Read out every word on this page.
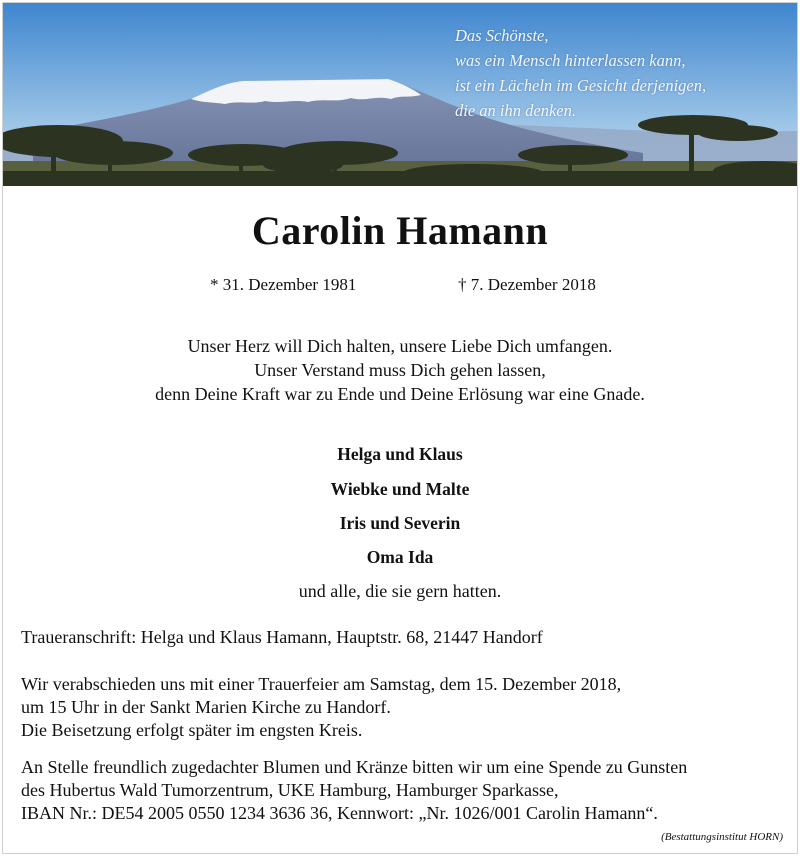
Das Schönste,
was ein Mensch hinterlassen kann,
ist ein Lächeln im Gesicht derjenigen,
die an ihn denken.
Carolin Hamann
* 31. Dezember 1981	† 7. Dezember 2018
Unser Herz will Dich halten, unsere Liebe Dich umfangen.
Unser Verstand muss Dich gehen lassen,
denn Deine Kraft war zu Ende und Deine Erlösung war eine Gnade.
Helga und Klaus
Wiebke und Malte
Iris und Severin
Oma Ida
und alle, die sie gern hatten.
Traueranschrift: Helga und Klaus Hamann, Hauptstr. 68, 21447 Handorf
Wir verabschieden uns mit einer Trauerfeier am Samstag, dem 15. Dezember 2018,
um 15 Uhr in der Sankt Marien Kirche zu Handorf.
Die Beisetzung erfolgt später im engsten Kreis.
An Stelle freundlich zugedachter Blumen und Kränze bitten wir um eine Spende zu Gunsten
des Hubertus Wald Tumorzentrum, UKE Hamburg, Hamburger Sparkasse,
IBAN Nr.: DE54 2005 0550 1234 3636 36, Kennwort: „Nr. 1026/001 Carolin Hamann“.
(Bestattungsinstitut HORN)
